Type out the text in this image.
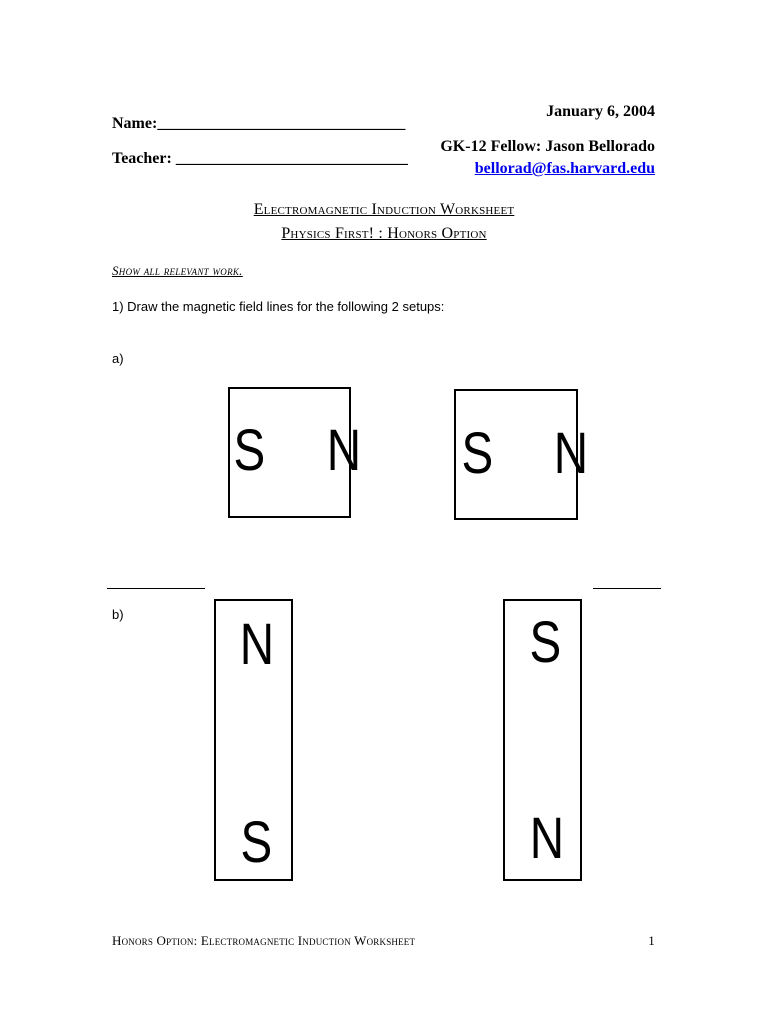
January 6, 2004
Name:_______________________________
Teacher: _____________________________
GK-12 Fellow: Jason Bellorado
bellorad@fas.harvard.edu
Electromagnetic Induction Worksheet
Physics First! : Honors Option
Show all relevant work.
1) Draw the magnetic field lines for the following 2 setups:
a)
S N S N
b) N
S
S
N
Honors Option: Electromagnetic Induction Worksheet	1
